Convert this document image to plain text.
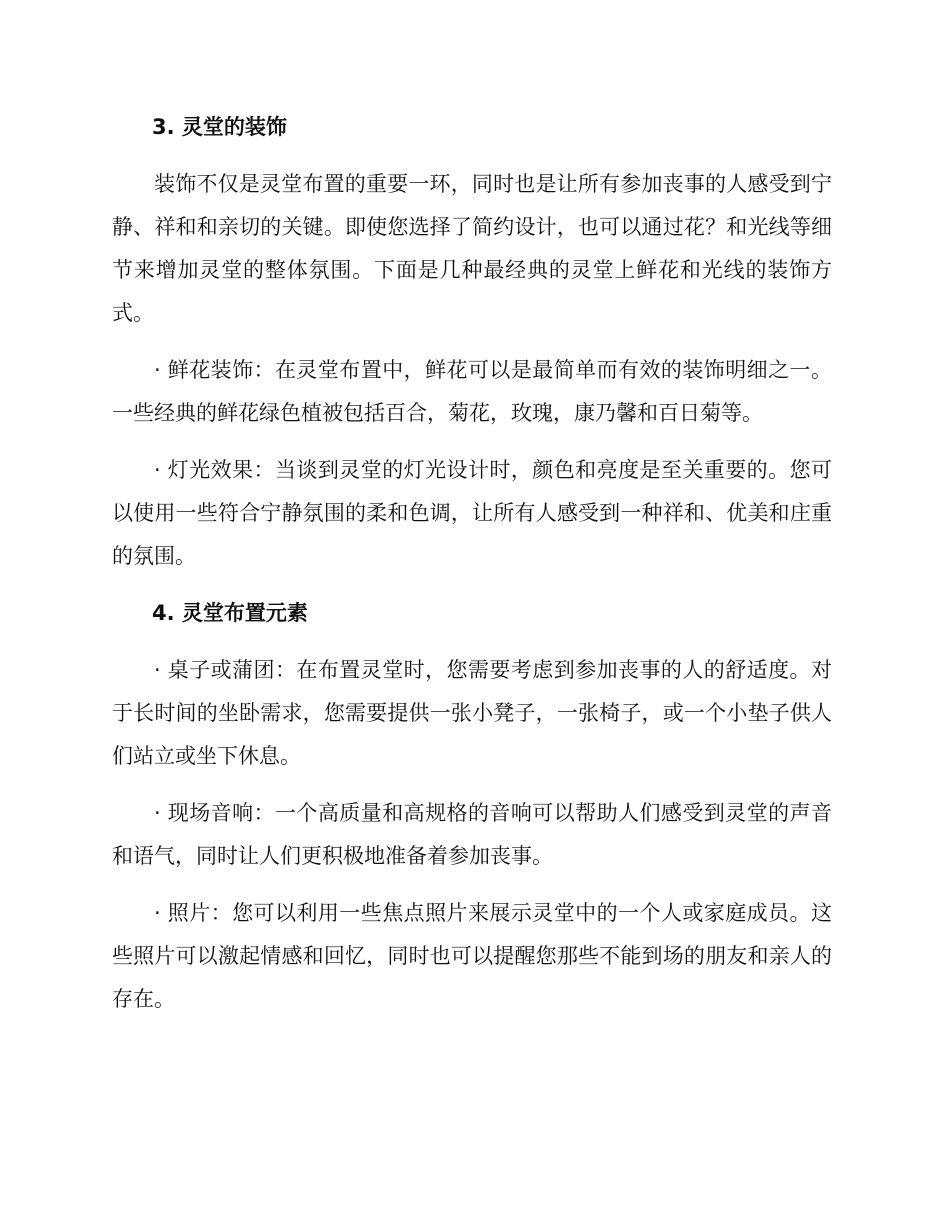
3. 灵堂的装饰

装饰不仅是灵堂布置的重要一环，同时也是让所有参加丧事的人感受到宁静、祥和和亲切的关键。即使您选择了简约设计，也可以通过花？和光线等细节来增加灵堂的整体氛围。下面是几种最经典的灵堂上鲜花和光线的装饰方式。

· 鲜花装饰：在灵堂布置中，鲜花可以是最简单而有效的装饰明细之一。一些经典的鲜花绿色植被包括百合，菊花，玫瑰，康乃馨和百日菊等。

· 灯光效果：当谈到灵堂的灯光设计时，颜色和亮度是至关重要的。您可以使用一些符合宁静氛围的柔和色调，让所有人感受到一种祥和、优美和庄重的氛围。

4. 灵堂布置元素

· 桌子或蒲团：在布置灵堂时，您需要考虑到参加丧事的人的舒适度。对于长时间的坐卧需求，您需要提供一张小凳子，一张椅子，或一个小垫子供人们站立或坐下休息。

· 现场音响：一个高质量和高规格的音响可以帮助人们感受到灵堂的声音和语气，同时让人们更积极地准备着参加丧事。

· 照片：您可以利用一些焦点照片来展示灵堂中的一个人或家庭成员。这些照片可以激起情感和回忆，同时也可以提醒您那些不能到场的朋友和亲人的存在。
